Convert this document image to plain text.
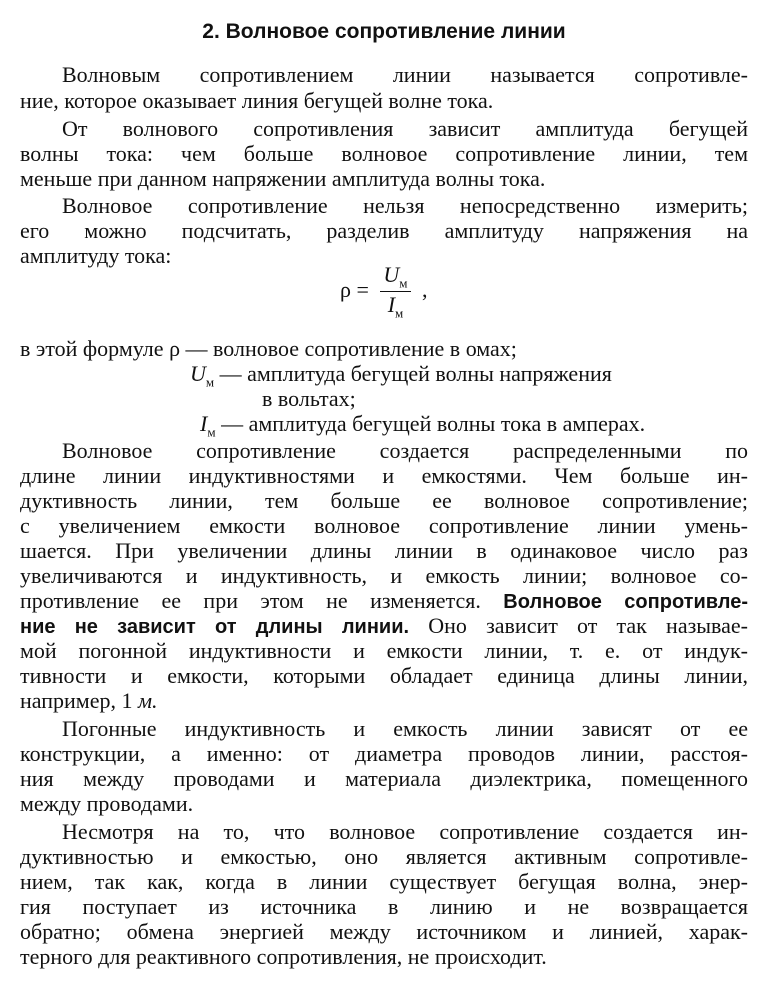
2. Волновое сопротивление линии
Волновым сопротивлением линии называется сопротивле-
ние, которое оказывает линия бегущей волне тока.
От волнового сопротивления зависит амплитуда бегущей
волны тока: чем больше волновое сопротивление линии, тем
меньше при данном напряжении амплитуда волны тока.
Волновое сопротивление нельзя непосредственно измерить;
его можно подсчитать, разделив амплитуду напряжения на
амплитуду тока:
$\rho = \frac{U_м}{I_м}$ ,
в этой формуле ρ — волновое сопротивление в омах;
$U_м$ — амплитуда бегущей волны напряжения
в вольтах;
$I_м$ — амплитуда бегущей волны тока в амперах.
Волновое сопротивление создается распределенными по
длине линии индуктивностями и емкостями. Чем больше ин-
дуктивность линии, тем больше ее волновое сопротивление;
с увеличением емкости волновое сопротивление линии умень-
шается. При увеличении длины линии в одинаковое число раз
увеличиваются и индуктивность, и емкость линии; волновое со-
противление ее при этом не изменяется. Волновое сопротивле-
ние не зависит от длины линии. Оно зависит от так называе-
мой погонной индуктивности и емкости линии, т. е. от индук-
тивности и емкости, которыми обладает единица длины линии,
например, 1 м.
Погонные индуктивность и емкость линии зависят от ее
конструкции, а именно: от диаметра проводов линии, расстоя-
ния между проводами и материала диэлектрика, помещенного
между проводами.
Несмотря на то, что волновое сопротивление создается ин-
дуктивностью и емкостью, оно является активным сопротивле-
нием, так как, когда в линии существует бегущая волна, энер-
гия поступает из источника в линию и не возвращается
обратно; обмена энергией между источником и линией, харак-
терного для реактивного сопротивления, не происходит.
